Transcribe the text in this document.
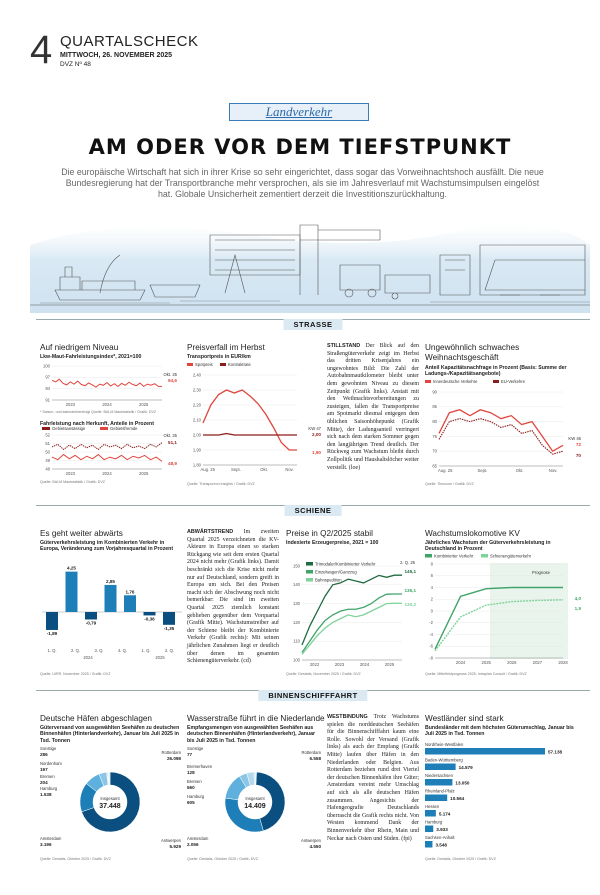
4 QUARTALSCHECK
MITTWOCH, 26. NOVEMBER 2025
DVZ Nº 48
Landverkehr
AM ODER VOR DEM TIEFSTPUNKT
Die europäische Wirtschaft hat sich in ihrer Krise so sehr eingerichtet, dass sogar das Vorweihnachtshoch ausfällt. Die neue Bundesregierung hat der Transportbranche mehr versprochen, als sie im Jahresverlauf mit Wachstumsimpulsen eingelöst hat. Globale Unsicherheit zementiert derzeit die Investitionszurückhaltung.
STRASSE
Auf niedrigem Niveau
Lkw-Maut-Fahrleistungsindex*, 2021=100
100
97
94
91
2023	2024	2025
Okt. 25
94,6
* Saison- und kalenderbereinigt Quelle: BALM Mautstatistik / Grafik: DVZ
Fahrleistung nach Herkunft, Anteile in Prozent
Gebietsansässige	Gebietsfremde
52
51
50
49
48
2023	2024	2025
Okt. 25
51,1
48,9
Quelle: BALM Mautstatistik / Grafik: DVZ
Preisverfall im Herbst
Transportpreis in EUR/km
Spotpreis	Kontraktrate
2,40
2,30
2,20
2,10
2,00
1,90
1,80
Aug. 25	Sept.	Okt.	Nov.
KW 47
2,00
1,90
Quelle: Transporeon Insights / Grafik: DVZ
STILLSTAND Der Blick auf den Straßengüterverkehr zeigt im Herbst das dritten Krisenjahres ein ungewohntes Bild: Die Zahl der Autobahnmautkilometer bleibt unter dem gewohnten Niveau zu diesem Zeitpunkt (Grafik links). Anstatt mit den Weihnachtsvorbereitungen zu zusteigen, fallen die Transportpreise am Spotmarkt diesmal entgegen dem üblichen Saisonhöhepunkt (Grafik Mitte), der Ladungsanteil verringert sich nach dem starken Sommer gegen den langjährigen Trend deutlich. Der Rückweg zum Wachstum bleibt durch Zollpolitik und Haushaltslöcher weiter verstellt. (loe)
Ungewöhnlich schwaches Weihnachtsgeschäft
Anteil Kapazitätsnachfrage in Prozent (Basis: Summe der Ladungs-/Kapazitätsangebote)
Innerdeutsche Verkehre	EU-Verkehre
90
85
80
75
70
65
Aug. 25	Sept.	Okt.	Nov.
KW 46
72
70
Quelle: Timocom / Grafik: DVZ
SCHIENE
Es geht weiter abwärts
Güterverkehrsleistung im Kombinierten Verkehr in Europa, Veränderung zum Vorjahresquartal in Prozent
-1,89
4,25
-0,79
2,85
1,76
-0,36
-1,35
1. Q.	2. Q.	3. Q.	4. Q.	1. Q.	2. Q.
2024	2025
Quelle: UIRR, November 2025 / Grafik: DVZ
ABWÄRTSTREND Im zweiten Quartal 2025 verzeichneten die KV-Akteure in Europa einen so starken Rückgang wie seit dem ersten Quartal 2024 nicht mehr (Grafik links). Damit beschränkt sich die Krise nicht mehr nur auf Deutschland, sondern greift in Europa um sich. Bei den Preisen macht sich der Abschwung noch nicht bemerkbar: Die sind im zweiten Quartal 2025 ziemlich konstant geblieben gegenüber dem Vorquartal (Grafik Mitte). Wachstumstreiber auf der Schiene bleibt der Kombinierte Verkehr (Grafik rechts): Mit seinen jährlichen Zunahmen liegt er deutlich über denen im gesamten Schienengüterverkehr. (cd)
Preise in Q2/2025 stabil
Indexierte Erzeugerpreise, 2021 = 100
Trimodaler/Kombinierter Verkehr
Einzelwagen/Ganzzug
Bahnspedition
150
140
130
120
110
100
2022	2023	2024	2025
2. Q. 25
145,1
135,1
130,2
Quelle: Destatis, November 2025 / Grafik: DVZ
Wachstumslokomotive KV
Jährliches Wachstum der Güterverkehrsleistung in Deutschland in Prozent
Kombinierter Verkehr	Schienengüterverkehr
Prognose
8
6
4
2
0
-2
-4
-6
-8
2024	2025	2026	2027	2028
4,0
1,9
Quelle: Mittelfristprognose 2025, Intraplan Consult / Grafik: DVZ
BINNENSCHIFFFAHRT
Deutsche Häfen abgeschlagen
Güterversand von ausgewählten Seehäfen zu deutschen Binnenhäfen (Hinterlandverkehr), Januar bis Juli 2025 in Tsd. Tonnen
Insgesamt
37.448
Sonstige
286
Nordenham
197
Bremen
204
Hamburg
1.538
Amsterdam
3.196
Rotterdam
26.098
Antwerpen
5.929
Quelle: Destatis, Oktober 2025 / Grafik: DVZ
Wasserstraße führt in die Niederlande
Empfangsmengen von ausgewählten Seehäfen aus deutschen Binnenhäfen (Hinterlandverkehr), Januar bis Juli 2025 in Tsd. Tonnen
Insgesamt
14.409
Sonstige
77
Bremerhaven
128
Bremen
560
Hamburg
605
Amsterdam
2.056
Rotterdam
6.558
Antwerpen
4.550
Quelle: Destatis, Oktober 2025 / Grafik: DVZ
WESTBINDUNG Trotz Wachstums spielen die norddeutschen Seehäfen für die Binnenschifffahrt kaum eine Rolle. Sowohl der Versand (Grafik links) als auch der Empfang (Grafik Mitte) laufen über Häfen in den Niederlanden oder Belgien. Aus Rotterdam beziehen rund drei Viertel der deutschen Binnenhäfen ihre Güter; Amsterdam vereint mehr Umschlag auf sich als alle deutschen Häfen zusammen. Angesichts der Hafengeografie Deutschlands überrascht die Grafik rechts nicht. Von Westen kommend Dank der Binnenverkehr über Rhein, Main und Neckar nach Osten und Süden. (fpi)
Westländer sind stark
Bundesländer mit dem höchsten Güterumschlag, Januar bis Juli 2025 in Tsd. Tonnen
Nordrhein-Westfalen
57.138
Baden-Württemberg
14.579
Niedersachsen
13.050
Rheinland-Pfalz
10.564
Hessen
5.174
Hamburg
3.933
Sachsen-Anhalt
3.548
Quelle: Destatis, Oktober 2025 / Grafik: DVZ
